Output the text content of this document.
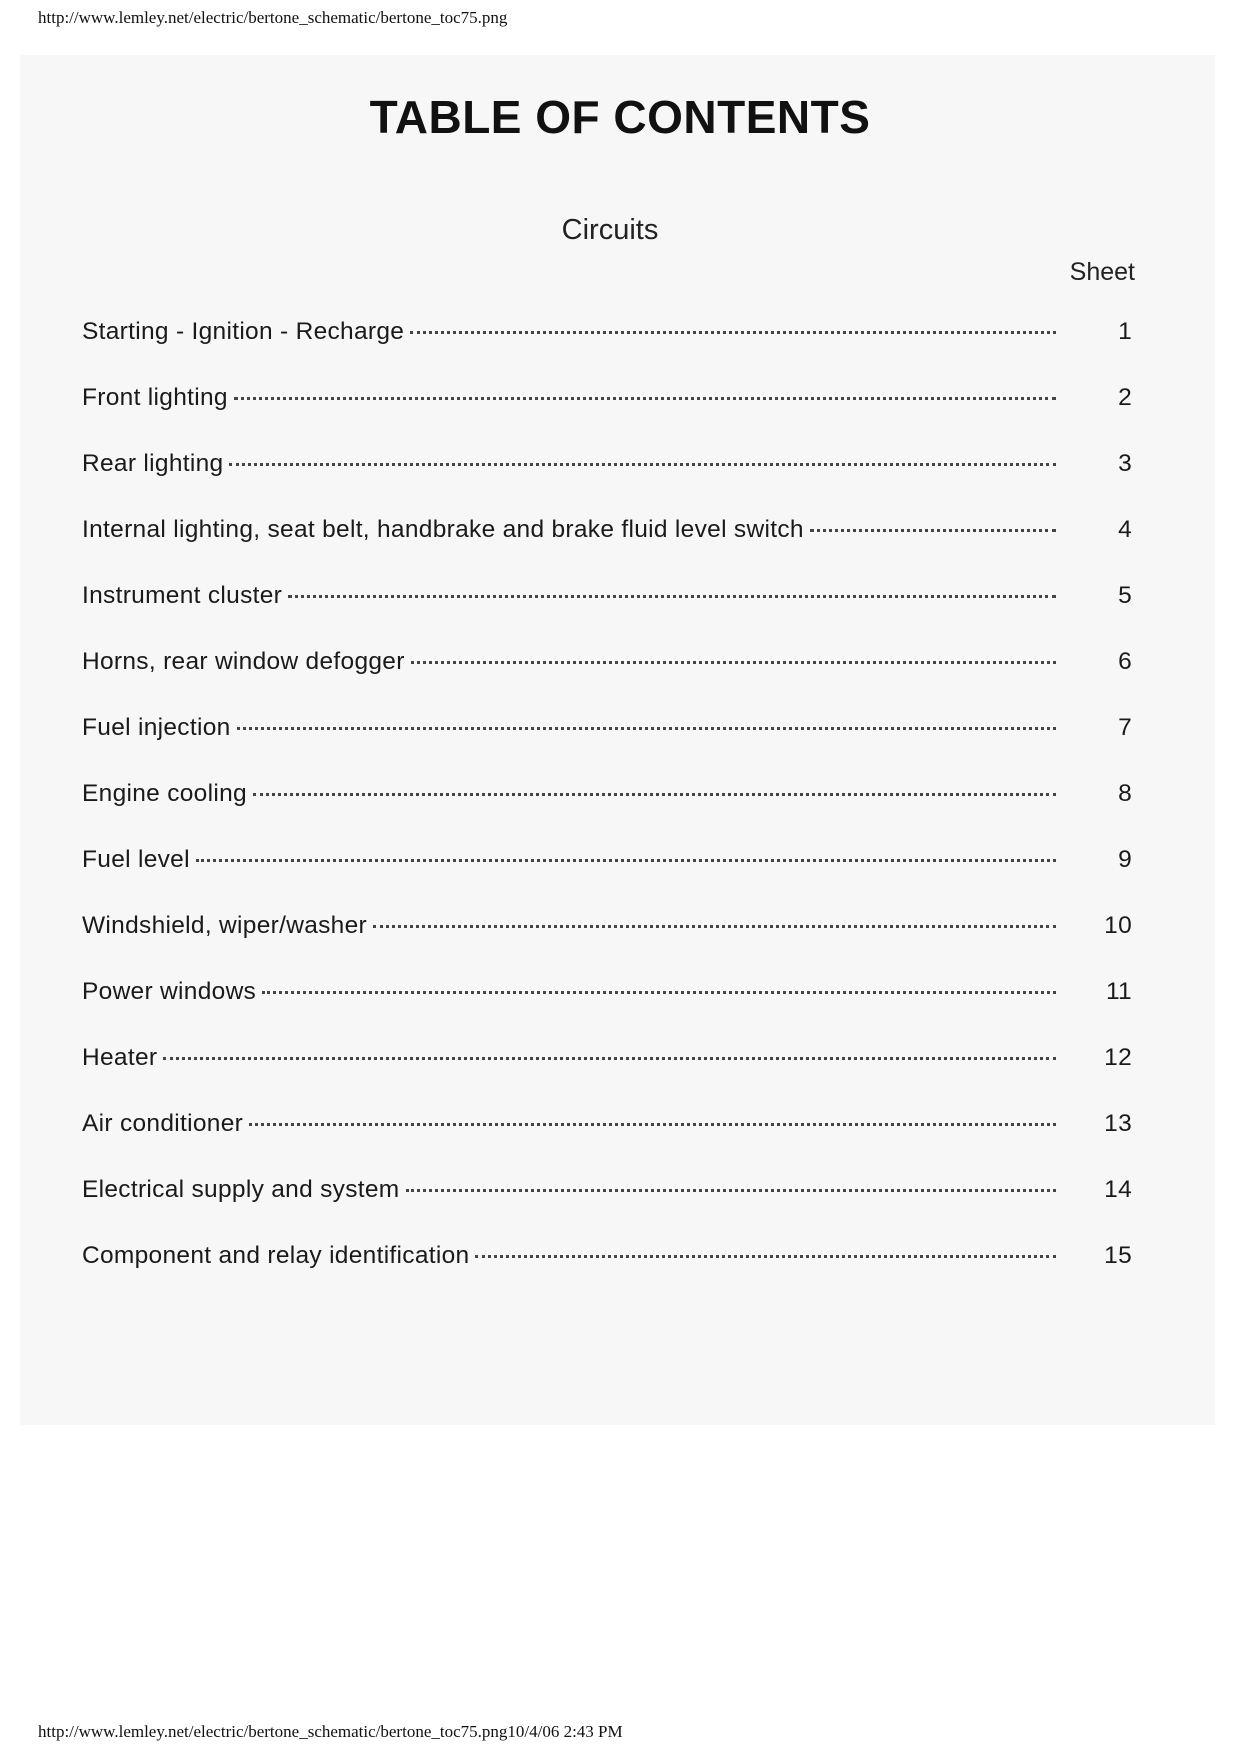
http://www.lemley.net/electric/bertone_schematic/bertone_toc75.png
TABLE OF CONTENTS
Circuits
Sheet
Starting - Ignition - Recharge	1
Front lighting	2
Rear lighting	3
Internal lighting, seat belt, handbrake and brake fluid level switch	4
Instrument cluster	5
Horns, rear window defogger	6
Fuel injection	7
Engine cooling	8
Fuel level	9
Windshield, wiper/washer	10
Power windows	11
Heater	12
Air conditioner	13
Electrical supply and system	14
Component and relay identification	15
http://www.lemley.net/electric/bertone_schematic/bertone_toc75.png10/4/06 2:43 PM
